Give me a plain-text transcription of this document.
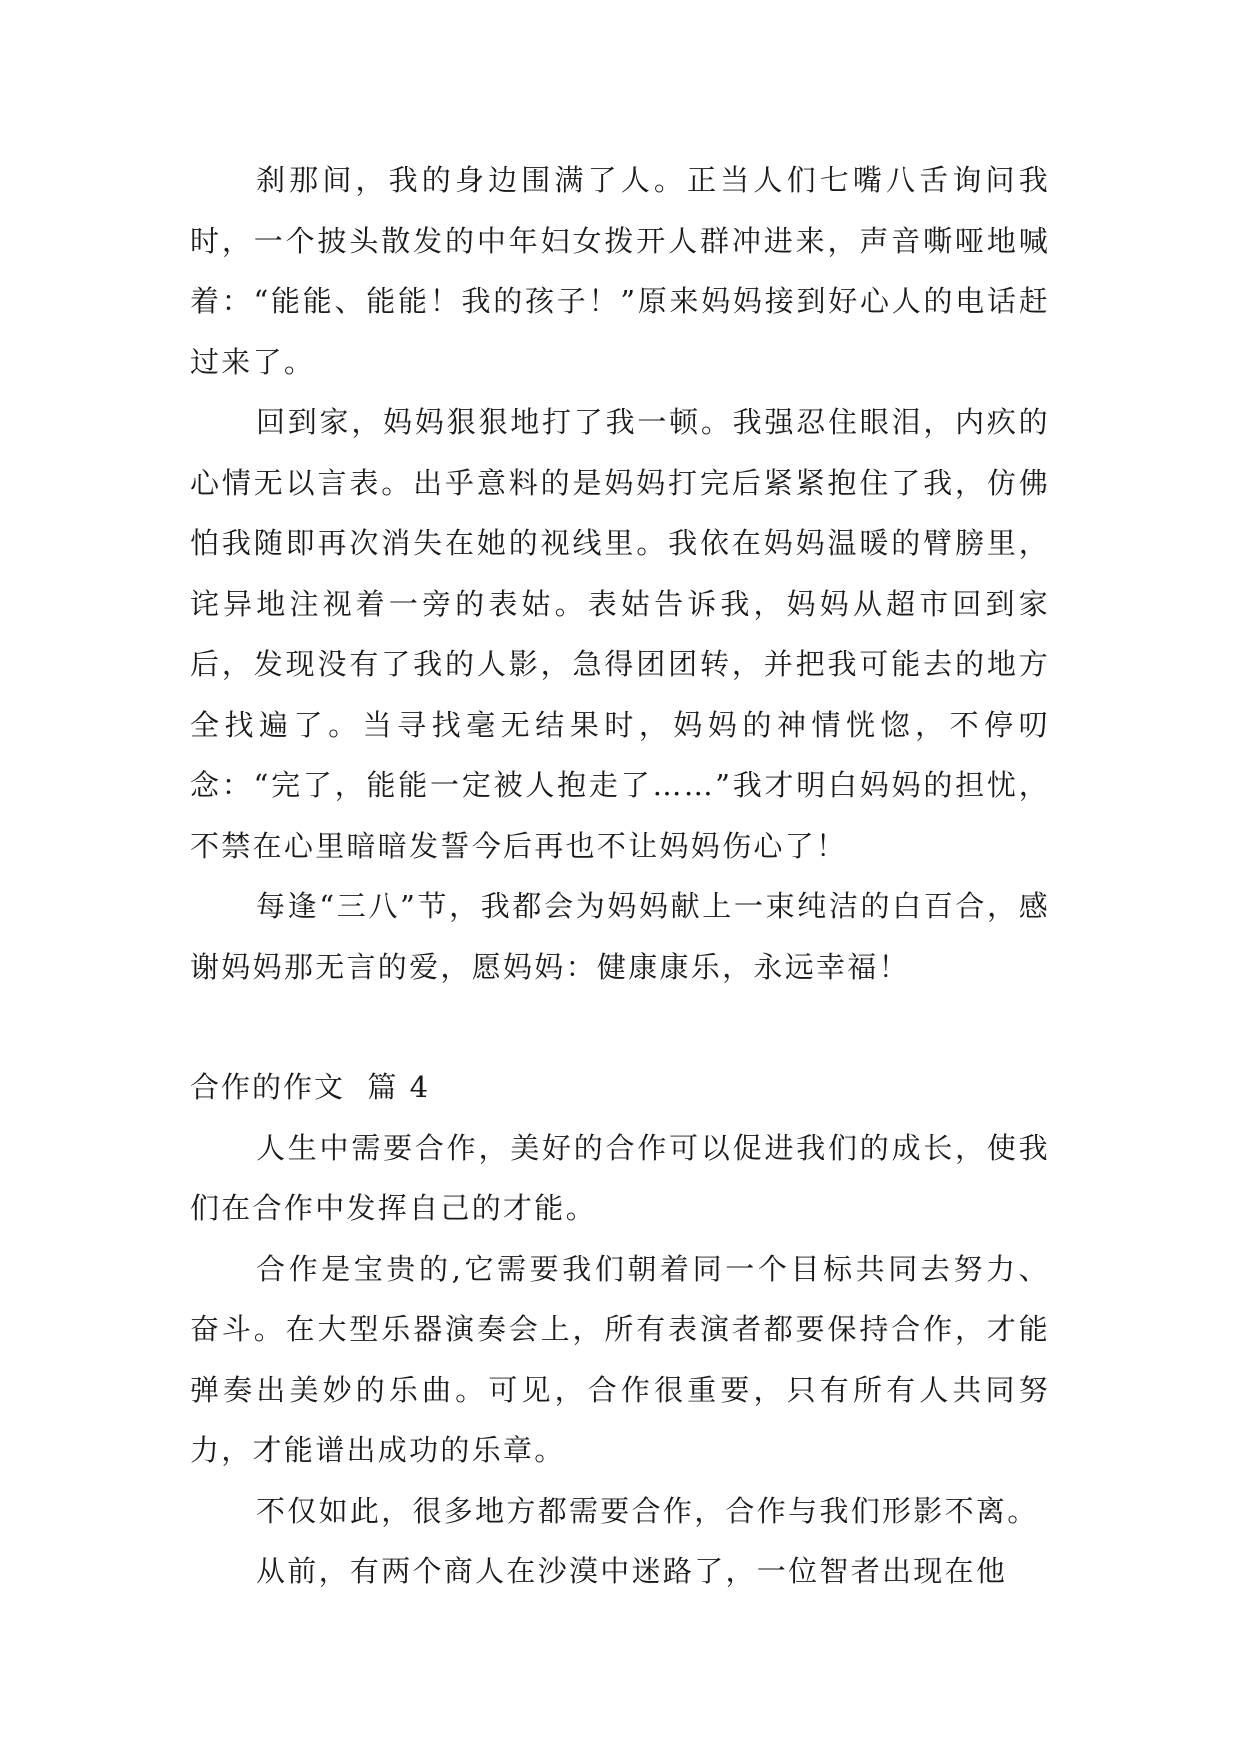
刹那间，我的身边围满了人。正当人们七嘴八舌询问我时，一个披头散发的中年妇女拨开人群冲进来，声音嘶哑地喊着：“能能、能能！我的孩子！”原来妈妈接到好心人的电话赶过来了。

回到家，妈妈狠狠地打了我一顿。我强忍住眼泪，内疚的心情无以言表。出乎意料的是妈妈打完后紧紧抱住了我，仿佛怕我随即再次消失在她的视线里。我依在妈妈温暖的臂膀里，诧异地注视着一旁的表姑。表姑告诉我，妈妈从超市回到家后，发现没有了我的人影，急得团团转，并把我可能去的地方全找遍了。当寻找毫无结果时，妈妈的神情恍惚，不停叨念：“完了，能能一定被人抱走了……”我才明白妈妈的担忧，不禁在心里暗暗发誓今后再也不让妈妈伤心了！

每逢“三八”节，我都会为妈妈献上一束纯洁的白百合，感谢妈妈那无言的爱，愿妈妈：健康康乐，永远幸福！

合作的作文  篇 4

人生中需要合作，美好的合作可以促进我们的成长，使我们在合作中发挥自己的才能。

合作是宝贵的,它需要我们朝着同一个目标共同去努力、奋斗。在大型乐器演奏会上，所有表演者都要保持合作，才能弹奏出美妙的乐曲。可见，合作很重要，只有所有人共同努力，才能谱出成功的乐章。

不仅如此，很多地方都需要合作，合作与我们形影不离。

从前，有两个商人在沙漠中迷路了，一位智者出现在他
